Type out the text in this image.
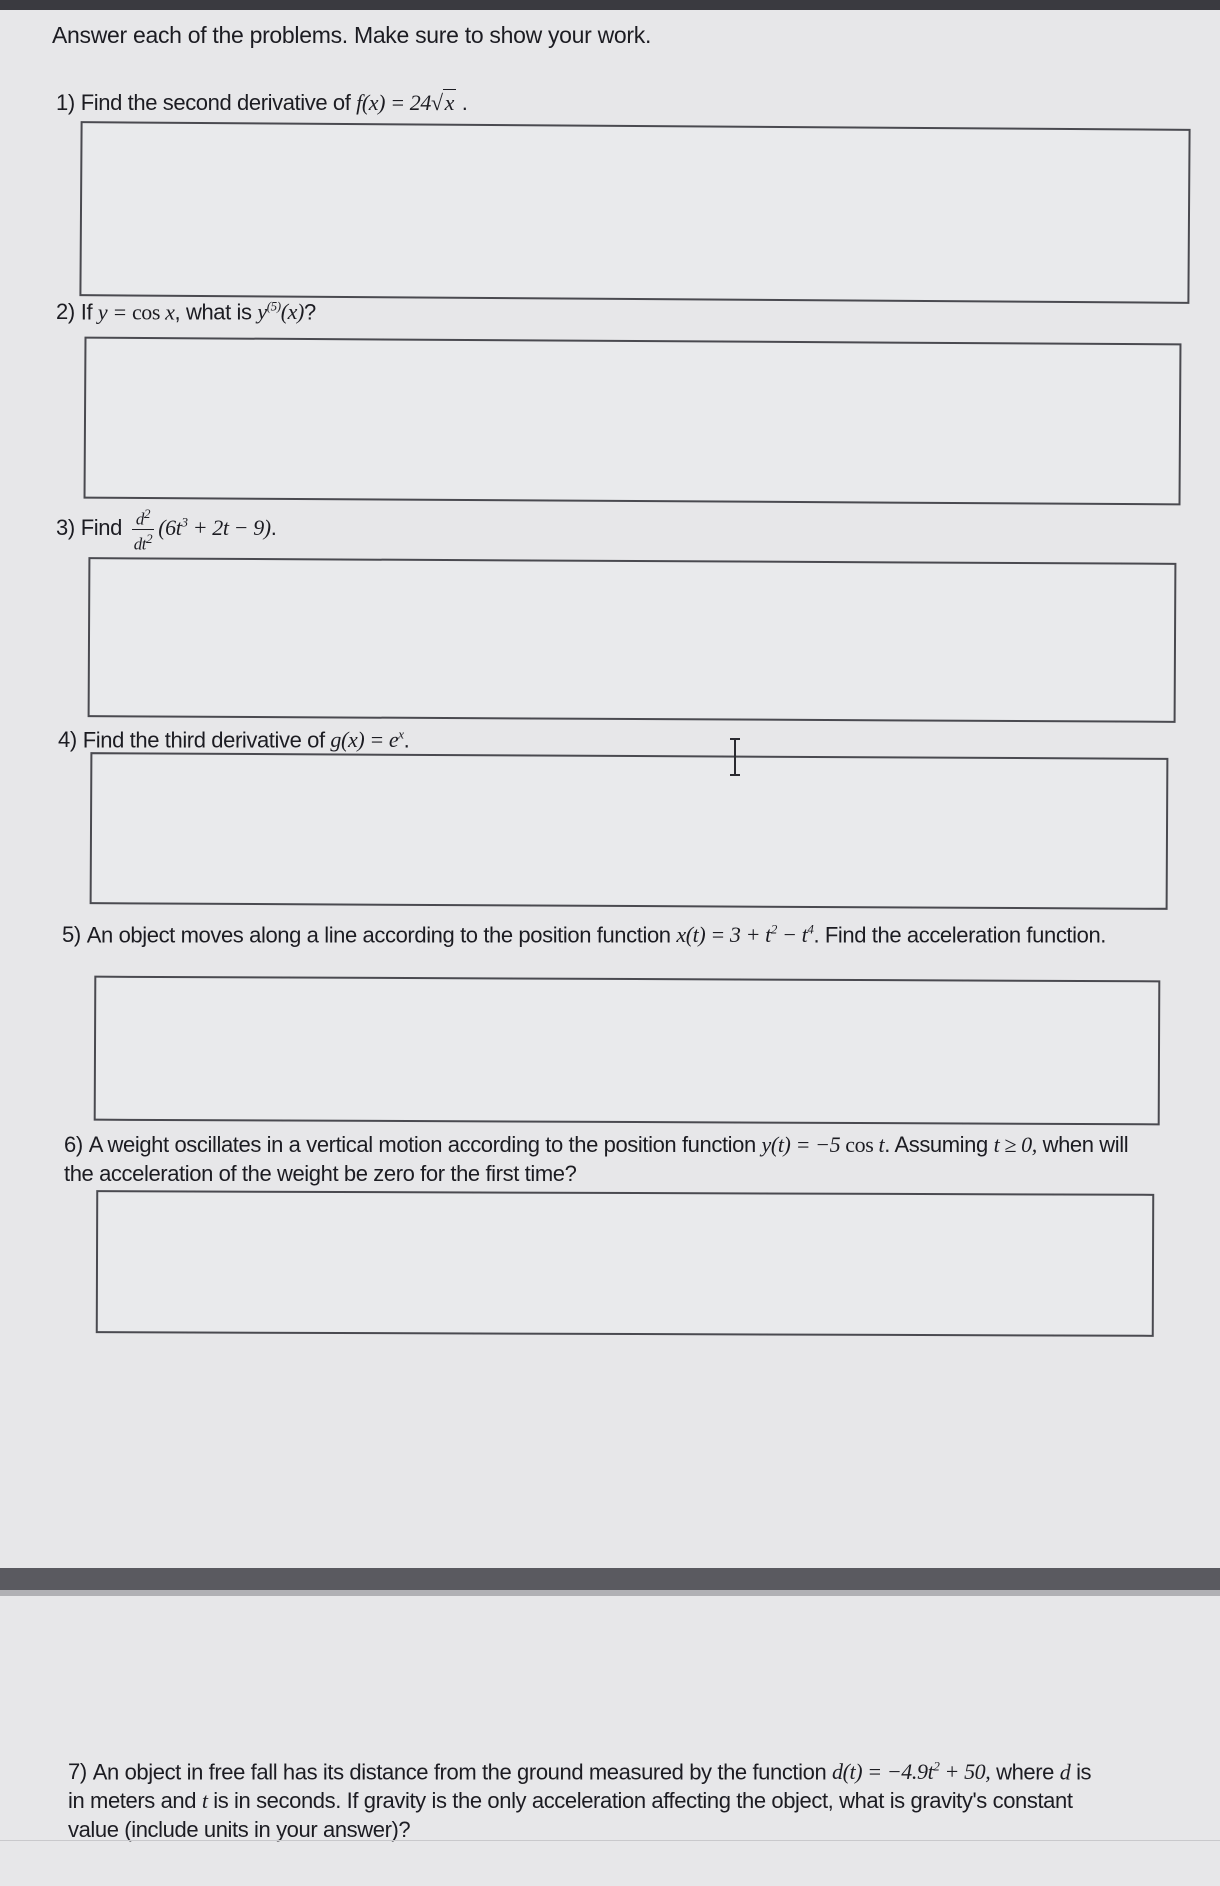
Answer each of the problems. Make sure to show your work.
1) Find the second derivative of f(x) = 24√x .
2) If y = cos x, what is $y^{(5)}(x)$?
3) Find $\frac{d^2}{dt^2} (6t^3 + 2t - 9)$.
4) Find the third derivative of $g(x) = e^x$.
5) An object moves along a line according to the position function $x(t) = 3 + t^2 - t^4$. Find the acceleration function.
6) A weight oscillates in a vertical motion according to the position function y(t) = −5 cos t. Assuming t ≥ 0, when will the acceleration of the weight be zero for the first time?
7) An object in free fall has its distance from the ground measured by the function $d(t) = -4.9t^2 + 50$, where d is in meters and t is in seconds. If gravity is the only acceleration affecting the object, what is gravity's constant value (include units in your answer)?
